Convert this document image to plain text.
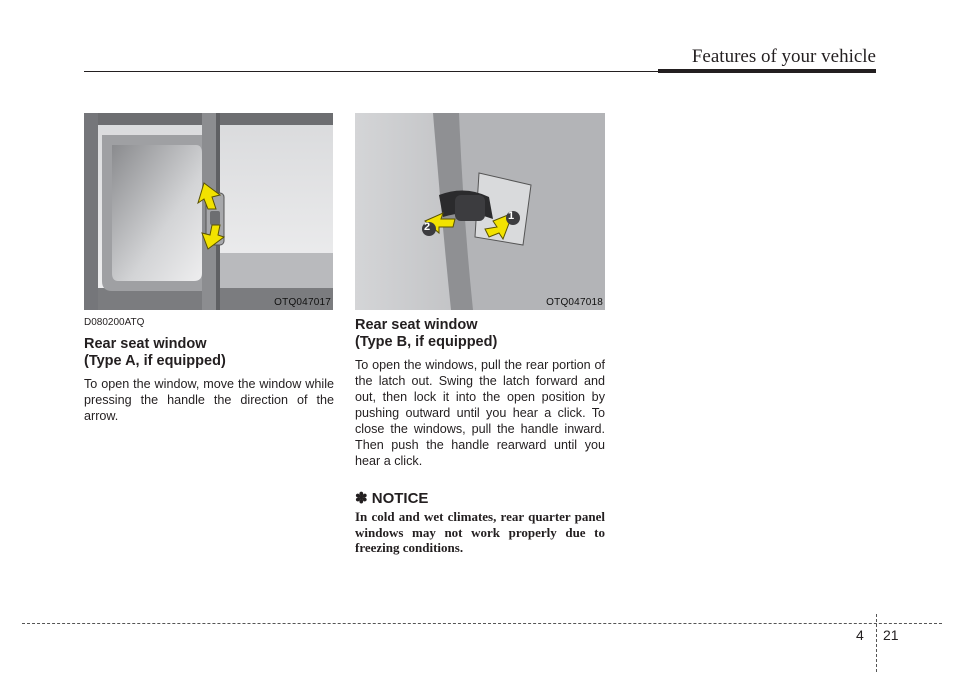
Features of your vehicle
OTQ047017
1
2
OTQ047018

D080200ATQ

Rear seat window
(Type A, if equipped)

To open the window, move the window while pressing the handle the direction of the arrow.

Rear seat window
(Type B, if equipped)

To open the windows, pull the rear portion of the latch out. Swing the latch forward and out, then lock it into the open position by pushing outward until you hear a click. To close the windows, pull the handle inward. Then push the handle rearward until you hear a click.

✽ NOTICE

In cold and wet climates, rear quarter panel windows may not work properly due to freezing conditions.

4 21
